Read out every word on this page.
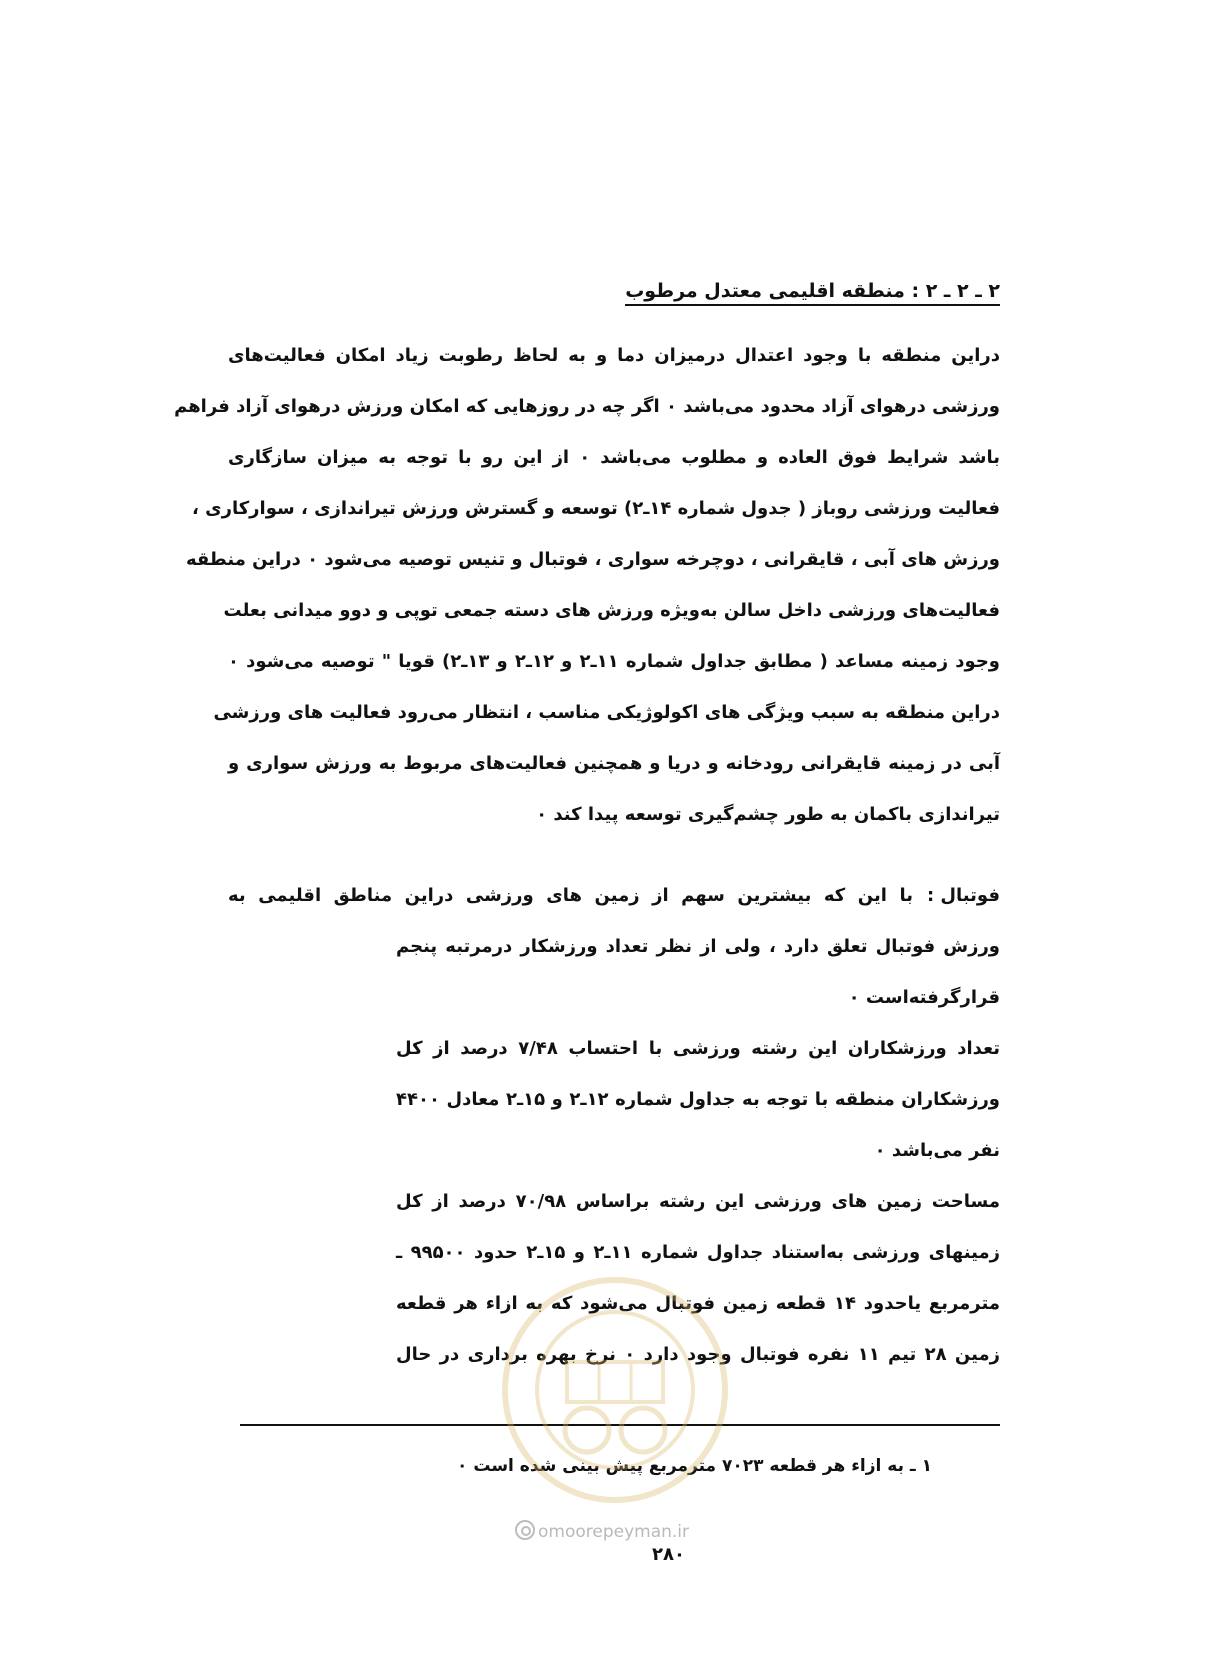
۲ ـ ۲ ـ ۲ : منطقه اقلیمی معتدل مرطوب
دراین منطقه با وجود اعتدال درمیزان دما و به لحاظ رطوبت زیاد امکان فعالیت‌های
ورزشی درهوای آزاد محدود می‌باشد ۰ اگر چه در روزهایی که امکان ورزش درهوای آزاد فراهم
باشد شرایط فوق العاده و مطلوب می‌باشد ۰ از این رو با توجه به میزان سازگاری
فعالیت ورزشی روباز ( جدول شماره ۱۴ـ۲) توسعه و گسترش ورزش تیراندازی ، سوارکاری ،
ورزش های آبی ، قایقرانی ، دوچرخه سواری ، فوتبال و تنیس توصیه می‌شود ۰ دراین منطقه
فعالیت‌های ورزشی داخل سالن به‌ویژه ورزش های دسته جمعی توپی و دوو میدانی بعلت
وجود زمینه مساعد ( مطابق جداول شماره ۱۱ـ۲ و ۱۲ـ۲ و ۱۳ـ۲) قویا " توصیه می‌شود ۰
دراین منطقه به سبب ویژگی های اکولوژیکی مناسب ، انتظار می‌رود فعالیت های ورزشی
آبی در زمینه قایقرانی رودخانه و دریا و همچنین فعالیت‌های مربوط به ورزش سواری و
تیراندازی باکمان به طور چشم‌گیری توسعه پیدا کند ۰
فوتبال :
با این که بیشترین سهم از زمین های ورزشی دراین مناطق اقلیمی به
ورزش فوتبال تعلق دارد ، ولی از نظر تعداد ورزشکار درمرتبه پنجم
قرارگرفته‌است ۰
تعداد ورزشکاران این رشته ورزشی با احتساب ۷/۴۸ درصد از کل
ورزشکاران منطقه با توجه به جداول شماره ۱۲ـ۲ و ۱۵ـ۲ معادل ۴۴۰۰
نفر می‌باشد ۰
مساحت زمین های ورزشی این رشته براساس ۷۰/۹۸ درصد از کل
زمینهای ورزشی به‌استناد جداول شماره ۱۱ـ۲ و ۱۵ـ۲ حدود ۹۹۵۰۰ ـ
مترمربع یاحدود ۱۴ قطعه زمین فوتبال می‌شود که به ازاء هر قطعه
زمین ۲۸ تیم ۱۱ نفره فوتبال وجود دارد ۰ نرخ بهره برداری در حال
۱ ـ به ازاء هر قطعه ۷۰۲۳ مترمربع پیش بینی شده است ۰
omoorepeyman.ir
۲۸۰
